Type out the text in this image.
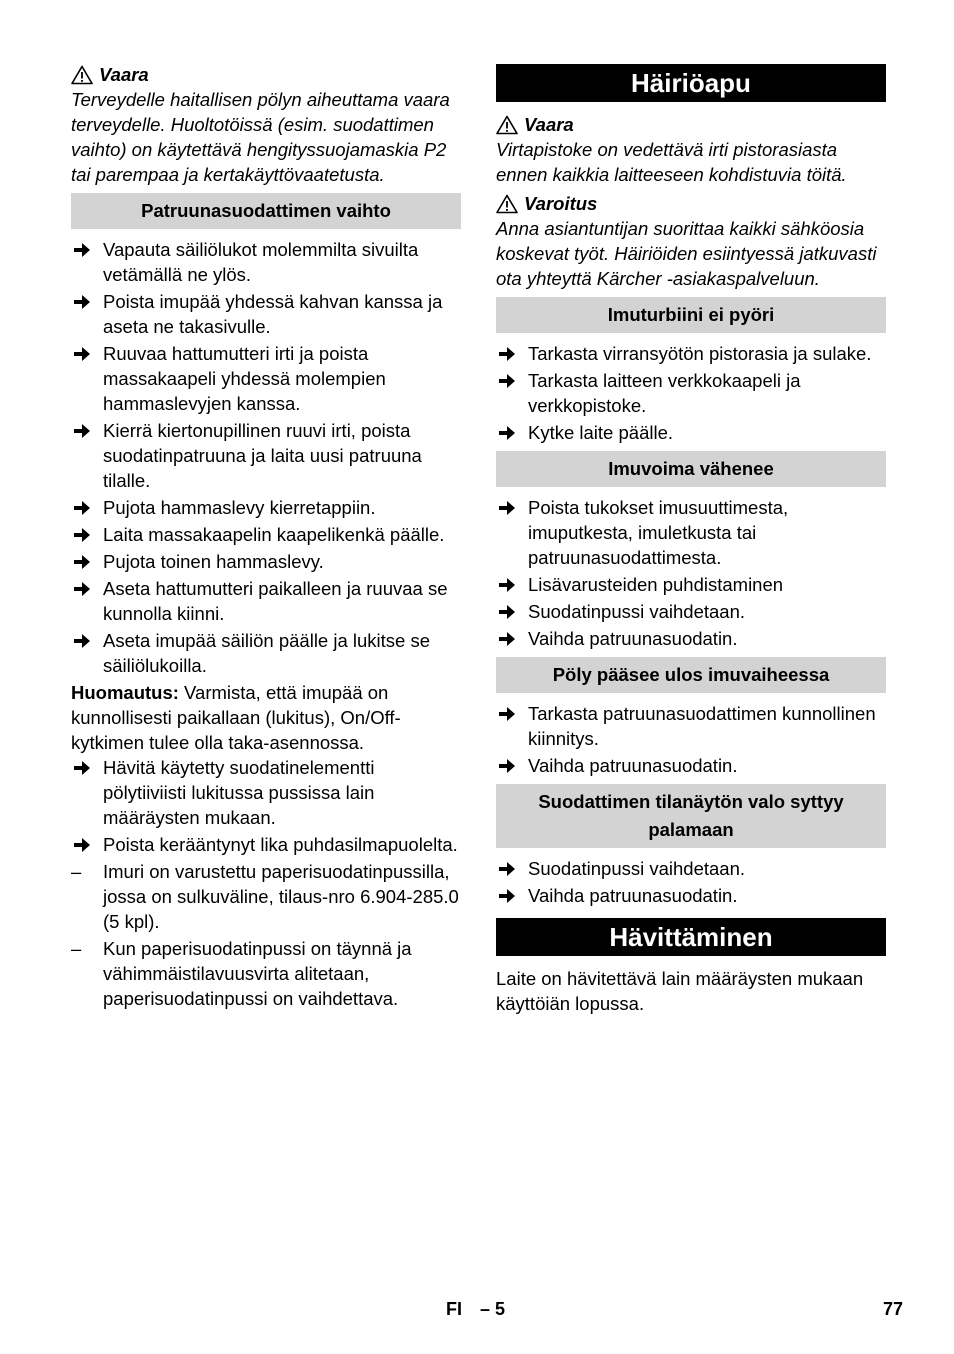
Vaara
Terveydelle haitallisen pölyn aiheuttama vaara terveydelle. Huoltotöissä (esim. suodattimen vaihto) on käytettävä hengityssuojamaskia P2 tai parempaa ja kertakäyttövaatetusta.
Patruunasuodattimen vaihto
Vapauta säiliölukot molemmilta sivuilta vetämällä ne ylös.
Poista imupää yhdessä kahvan kanssa ja aseta ne takasivulle.
Ruuvaa hattumutteri irti ja poista massakaapeli yhdessä molempien hammaslevyjen kanssa.
Kierrä kiertonupillinen ruuvi irti, poista suodatinpatruuna ja laita uusi patruuna tilalle.
Pujota hammaslevy kierretappiin.
Laita massakaapelin kaapelikenkä päälle.
Pujota toinen hammaslevy.
Aseta hattumutteri paikalleen ja ruuvaa se kunnolla kiinni.
Aseta imupää säiliön päälle ja lukitse se säiliölukoilla.
Huomautus: Varmista, että imupää on kunnollisesti paikallaan (lukitus), On/Off-kytkimen tulee olla taka-asennossa.
Hävitä käytetty suodatinelementti pölytiiviisti lukitussa pussissa lain määräysten mukaan.
Poista kerääntynyt lika puhdasilmapuolelta.
– Imuri on varustettu paperisuodatinpussilla, jossa on sulkuväline, tilaus-nro 6.904-285.0 (5 kpl).
– Kun paperisuodatinpussi on täynnä ja vähimmäistilavuusvirta alitetaan, paperisuodatinpussi on vaihdettava.
Häiriöapu
Vaara
Virtapistoke on vedettävä irti pistorasiasta ennen kaikkia laitteeseen kohdistuvia töitä.
Varoitus
Anna asiantuntijan suorittaa kaikki sähköosia koskevat työt. Häiriöiden esiintyessä jatkuvasti ota yhteyttä Kärcher -asiakaspalveluun.
Imuturbiini ei pyöri
Tarkasta virransyötön pistorasia ja sulake.
Tarkasta laitteen verkkokaapeli ja verkkopistoke.
Kytke laite päälle.
Imuvoima vähenee
Poista tukokset imusuuttimesta, imuputkesta, imuletkusta tai patruunasuodattimesta.
Lisävarusteiden puhdistaminen
Suodatinpussi vaihdetaan.
Vaihda patruunasuodatin.
Pöly pääsee ulos imuvaiheessa
Tarkasta patruunasuodattimen kunnollinen kiinnitys.
Vaihda patruunasuodatin.
Suodattimen tilanäytön valo syttyy palamaan
Suodatinpussi vaihdetaan.
Vaihda patruunasuodatin.
Hävittäminen
Laite on hävitettävä lain määräysten mukaan käyttöiän lopussa.
FI – 5	77
